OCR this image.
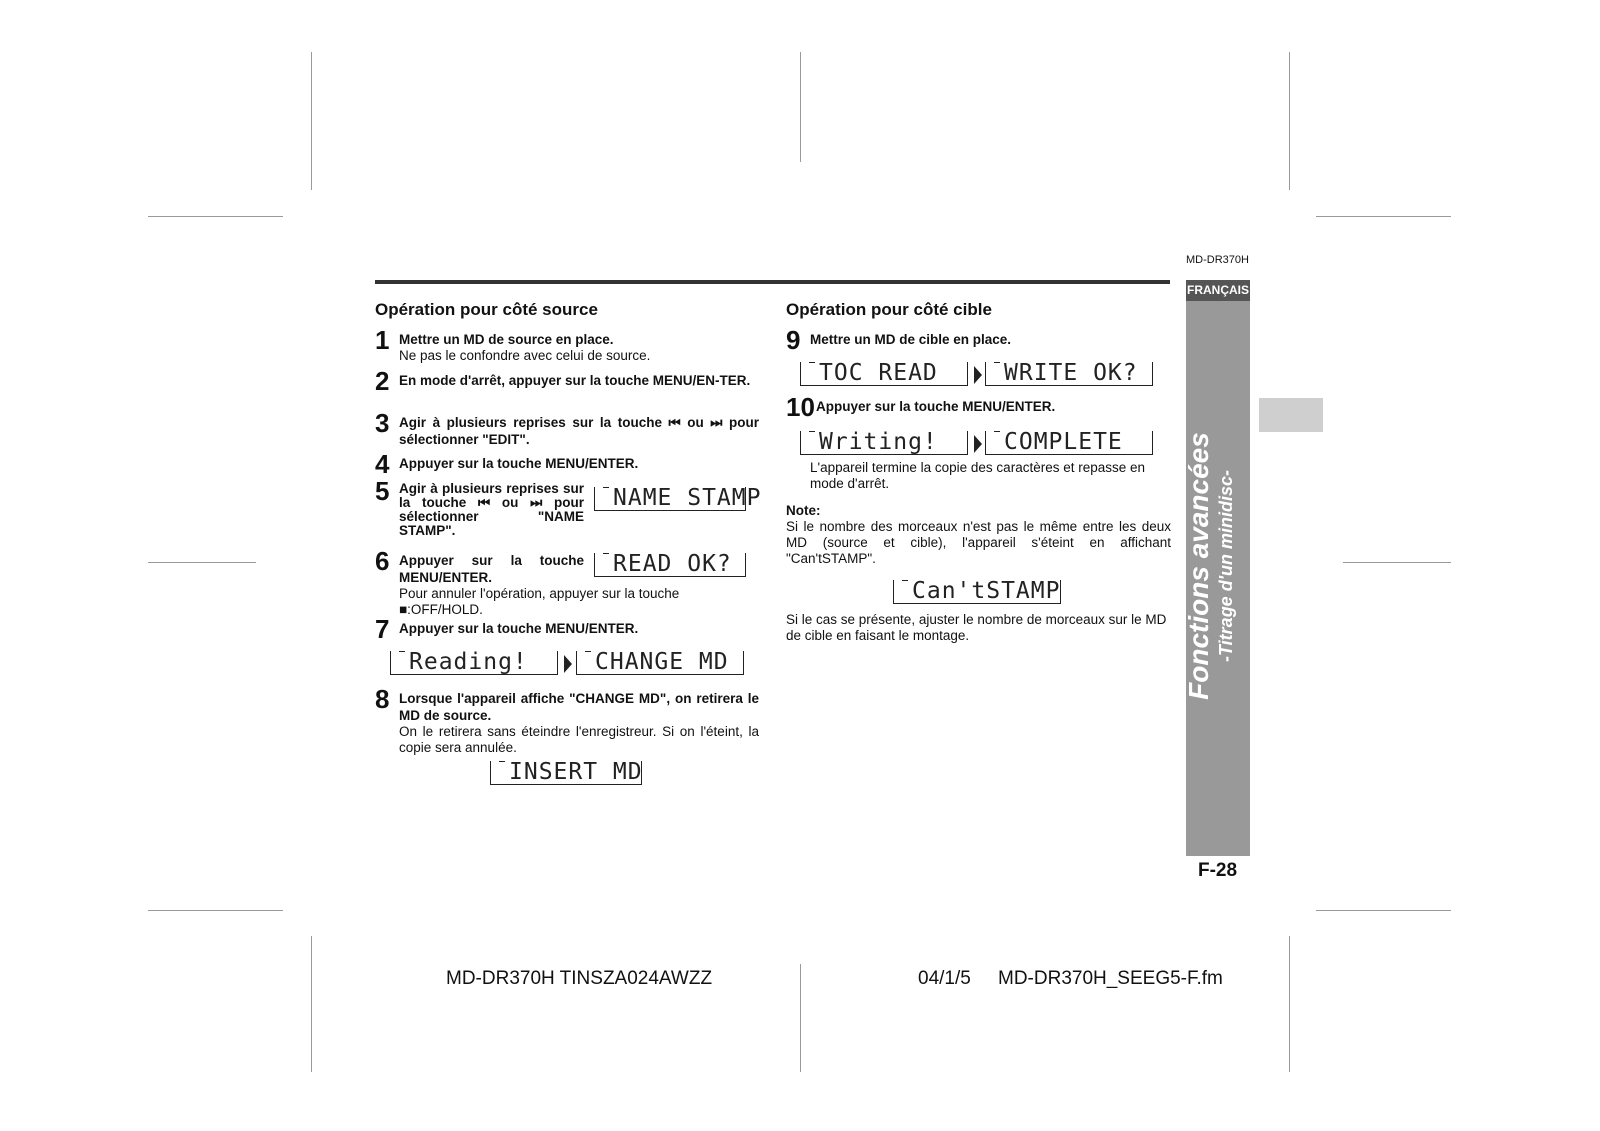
MD-DR370H
FRANÇAIS
Fonctions avancées -Titrage d'un minidisc-
F-28
Opération pour côté source
1 Mettre un MD de source en place.
Ne pas le confondre avec celui de source.
2 En mode d'arrêt, appuyer sur la touche MENU/EN-TER.
3 Agir à plusieurs reprises sur la touche ⏮ ou ⏭ pour sélectionner "EDIT".
4 Appuyer sur la touche MENU/ENTER.
5 Agir à plusieurs reprises sur la touche ⏮ ou ⏭ pour sélectionner "NAME STAMP".
NAME STAMP
6 Appuyer sur la touche MENU/ENTER.
Pour annuler l'opération, appuyer sur la touche ■:OFF/HOLD.
READ OK?
7 Appuyer sur la touche MENU/ENTER.
Reading!	CHANGE MD
8 Lorsque l'appareil affiche "CHANGE MD", on retirera le MD de source.
On le retirera sans éteindre l'enregistreur. Si on l'éteint, la copie sera annulée.
INSERT MD
Opération pour côté cible
9 Mettre un MD de cible en place.
TOC READ	WRITE OK?
10 Appuyer sur la touche MENU/ENTER.
Writing!	COMPLETE
L'appareil termine la copie des caractères et repasse en mode d'arrêt.
Note:
Si le nombre des morceaux n'est pas le même entre les deux MD (source et cible), l'appareil s'éteint en affichant "Can'tSTAMP".
Can'tSTAMP
Si le cas se présente, ajuster le nombre de morceaux sur le MD de cible en faisant le montage.
MD-DR370H TINSZA024AWZZ	04/1/5 MD-DR370H_SEEG5-F.fm
